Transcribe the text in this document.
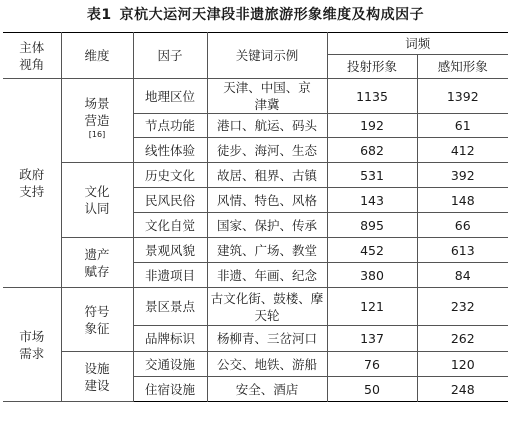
表1 京杭大运河天津段非遗旅游形象维度及构成因子
主体视角	维度	因子	关键词示例	词频	
				投射形象	感知形象
政府支持	场景营造[16]	地理区位	天津、中国、京津冀	1135	1392
		节点功能	港口、航运、码头	192	61
		线性体验	徒步、海河、生态	682	412
	文化认同	历史文化	故居、租界、古镇	531	392
		民风民俗	风情、特色、风格	143	148
		文化自觉	国家、保护、传承	895	66
	遗产赋存	景观风貌	建筑、广场、教堂	452	613
		非遗项目	非遗、年画、纪念	380	84
市场需求	符号象征	景区景点	古文化街、鼓楼、摩天轮	121	232
		品牌标识	杨柳青、三岔河口	137	262
	设施建设	交通设施	公交、地铁、游船	76	120
		住宿设施	安全、酒店	50	248
